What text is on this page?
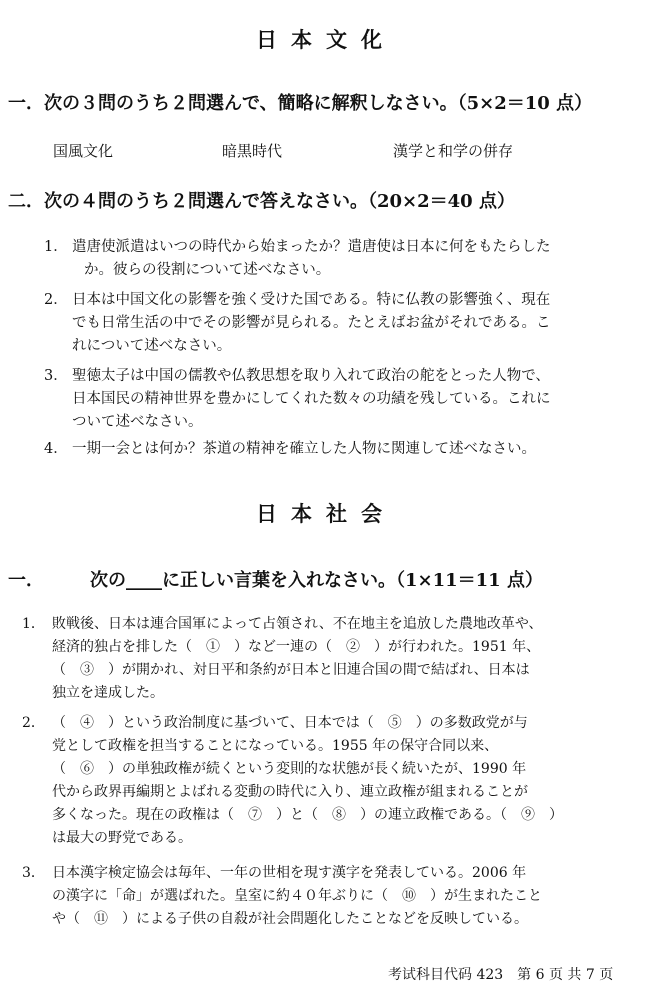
日本文化
一．次の３問のうち２問選んで、簡略に解釈しなさい。（5×2＝10 点）
国風文化	暗黒時代	漢学と和学の併存
二．次の４問のうち２問選んで答えなさい。（20×2＝40 点）
1． 遣唐使派遣はいつの時代から始まったか？遣唐使は日本に何をもたらした
か。彼らの役割について述べなさい。
2． 日本は中国文化の影響を強く受けた国である。特に仏教の影響強く、現在
でも日常生活の中でその影響が見られる。たとえばお盆がそれである。こ
れについて述べなさい。
3． 聖徳太子は中国の儒教や仏教思想を取り入れて政治の舵をとった人物で、
日本国民の精神世界を豊かにしてくれた数々の功績を残している。これに
ついて述べなさい。
4． 一期一会とは何か？茶道の精神を確立した人物に関連して述べなさい。
日本社会
一．	次の____に正しい言葉を入れなさい。（1×11＝11 点）
1． 敗戦後、日本は連合国軍によって占領され、不在地主を追放した農地改革や、
経済的独占を排した（　①　）など一連の（　②　）が行われた。1951 年、
（　③　）が開かれ、対日平和条約が日本と旧連合国の間で結ばれ、日本は
独立を達成した。
2． （　④　）という政治制度に基づいて、日本では（　⑤　）の多数政党が与
党として政権を担当することになっている。1955 年の保守合同以来、
（　⑥　）の単独政権が続くという変則的な状態が長く続いたが、1990 年
代から政界再編期とよばれる変動の時代に入り、連立政権が組まれることが
多くなった。現在の政権は（　⑦　）と（　⑧　）の連立政権である。（　⑨　）
は最大の野党である。
3． 日本漢字検定協会は毎年、一年の世相を現す漢字を発表している。2006 年
の漢字に「命」が選ばれた。皇室に約４０年ぶりに（　⑩　）が生まれたこと
や（　⑪　）による子供の自殺が社会問題化したことなどを反映している。
考试科目代码 423　第 6 页 共 7 页
